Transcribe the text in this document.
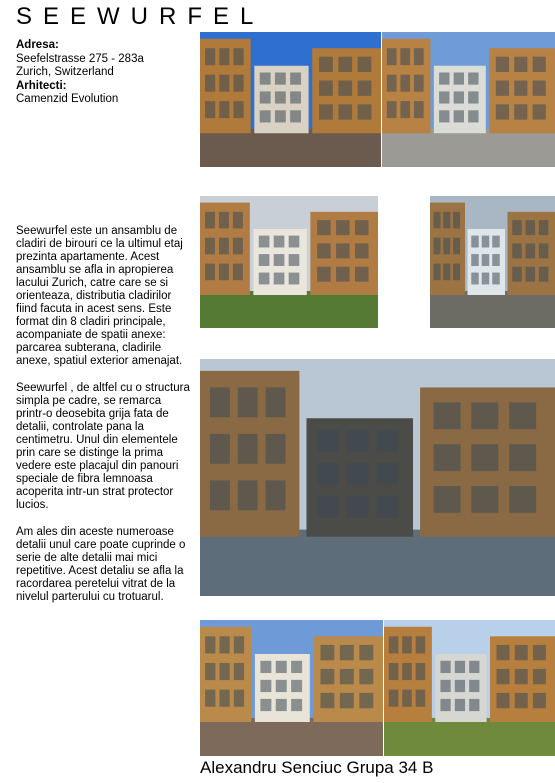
SEEWURFEL
Adresa:
Seefelstrasse 275 - 283a
Zurich, Switzerland
Arhitecti:
Camenzid Evolution

Seewurfel este un ansamblu de cladiri de birouri ce la ultimul etaj prezinta apartamente. Acest ansamblu se afla in apropierea lacului Zurich, catre care se si orienteaza, distributia cladirilor fiind facuta in acest sens. Este format din 8 cladiri principale, acompaniate de spatii anexe: parcarea subterana, cladirile anexe, spatiul exterior amenajat.

Seewurfel , de altfel cu o structura simpla pe cadre, se remarca printr-o deosebita grija fata de detalii, controlate pana la centimetru. Unul din elementele prin care se distinge la prima vedere este placajul din panouri speciale de fibra lemnoasa acoperita intr-un strat protector lucios.

Am ales din aceste numeroase detalii unul care poate cuprinde o serie de alte detalii mai mici repetitive. Acest detaliu se afla la racordarea peretelui vitrat de la nivelul parterului cu trotuarul.

Alexandru Senciuc Grupa 34 B
